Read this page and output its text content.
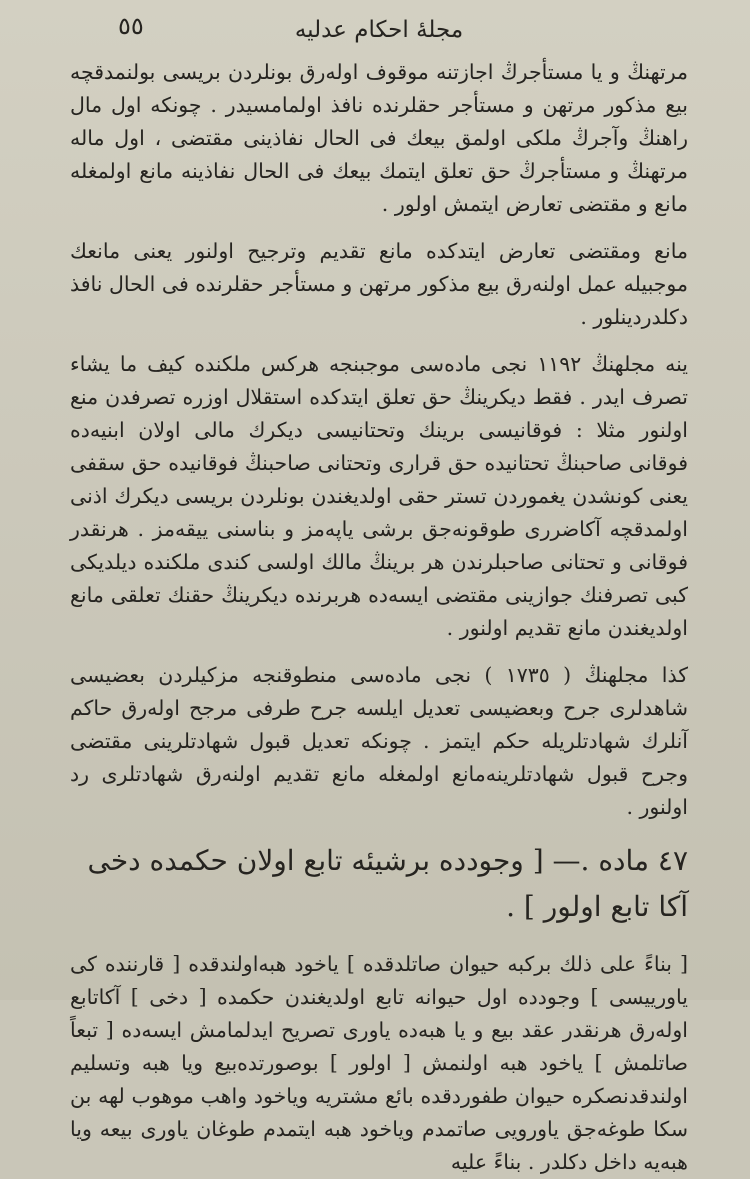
٥٥	مجلهٔ احکام عدلیه

مرتهنڭ و یا مستأجرڭ اجازتنه موقوف اولەرق بونلردن بریسی بولنمدقچه بیع مذکور مرتهن و مستأجر حقلرنده نافذ اولمامسیدر . چونکه اول مال راهنڭ وآجرڭ ملکی اولمق بیعك فی الحال نفاذینی مقتضی ، اول ماله مرتهنڭ و مستأجرڭ حق تعلق ایتمك بیعك فی الحال نفاذینه مانع اولمغله مانع و مقتضی تعارض ایتمش اولور .

مانع ومقتضی تعارض ایتدکده مانع تقدیم وترجیح اولنور یعنی مانعك موجبیله عمل اولنەرق بیع مذکور مرتهن و مستأجر حقلرنده فی الحال نافذ دکلدردینلور .

ینه مجلهنڭ ١١٩٢ نجی مادەسی موجبنجه هرکس ملکنده کیف ما یشاء تصرف ایدر . فقط دیکرینڭ حق تعلق ایتدکده استقلال اوزره تصرفدن منع اولنور مثلا : فوقانیسی برینك وتحتانیسی دیکرك مالی اولان ابنیەده فوقانی صاحبنڭ تحتانیده حق قراری وتحتانی صاحبنڭ فوقانیده حق سقفی یعنی کونشدن یغموردن تستر حقی اولدیغندن بونلردن بریسی دیکرك اذنی اولمدقچه آکاضرری طوقونەجق برشی یاپەمز و بناسنی ییقەمز . هرنقدر فوقانی و تحتانی صاحبلرندن هر برینڭ مالك اولسی کندی ملکنده دیلدیکی کبی تصرفنك جوازینی مقتضی ایسەده هربرنده دیکرینڭ حقنك تعلقی مانع اولدیغندن مانع تقدیم اولنور .

کذا مجلهنڭ ( ١٧٣٥ ) نجی مادەسی منطوقنجه مزکیلردن بعضیسی شاهدلری جرح وبعضیسی تعدیل ایلسه جرح طرفی مرجح اولەرق حاکم آنلرك شهادتلریله حکم ایتمز . چونکه تعدیل قبول شهادتلرینی مقتضی وجرح قبول شهادتلرینەمانع اولمغله مانع تقدیم اولنەرق شهادتلری رد اولنور .

٤٧ ماده .— [ وجودده برشیئه تابع اولان حکمده دخی آکا تابع اولور ] .

[ بناءً علی ذلك برکبه حیوان صاتلدقده ] یاخود هبەاولندقده [ قارننده کی یاورییسی ] وجودده اول حیوانه تابع اولدیغندن حکمده [ دخی ] آکاتابع اولەرق هرنقدر عقد بیع و یا هبەده یاوری تصریح ایدلمامش ایسەده [ تبعاً صاتلمش ] یاخود هبە اولنمش [ اولور ] بوصورتدەبیع ویا هبه وتسلیم اولندقدنصکره حیوان طفوردقده بائع مشتریه ویاخود واهب موهوب لهه بن سکا طوغەجق یاورویی صاتمدم ویاخود هبه ایتمدم طوغان یاوری بیعه ویا هبەیه داخل دکلدر . بناءً علیه
